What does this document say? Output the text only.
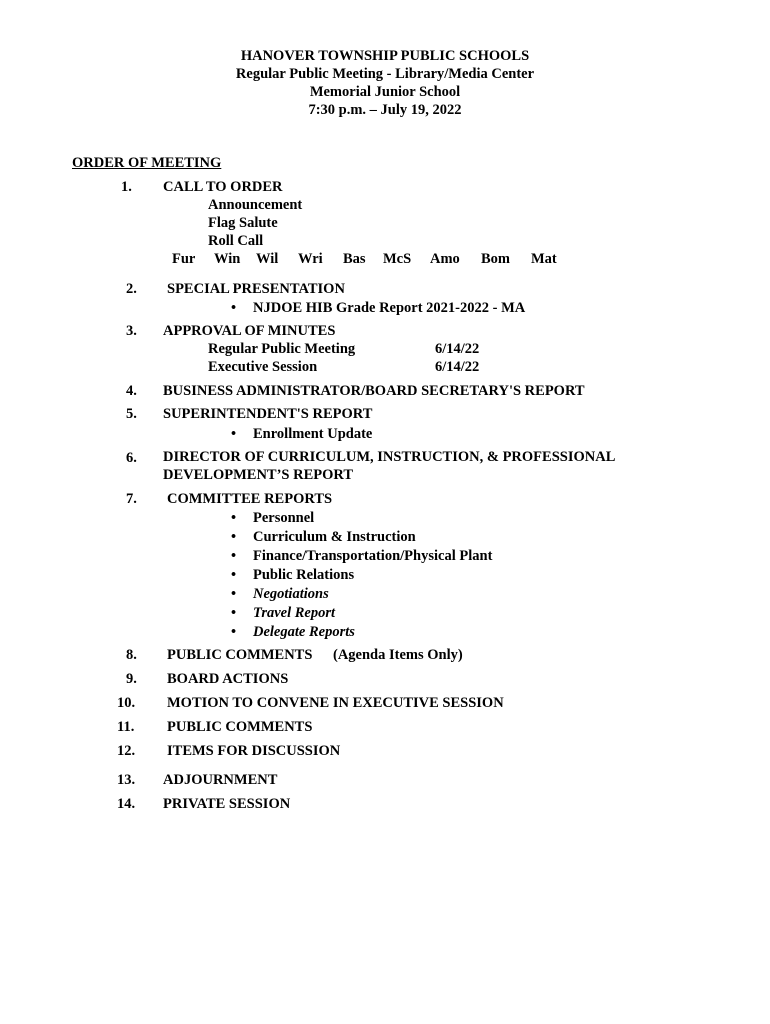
HANOVER TOWNSHIP PUBLIC SCHOOLS
Regular Public Meeting - Library/Media Center
Memorial Junior School
7:30 p.m. – July 19, 2022
ORDER OF MEETING
1. CALL TO ORDER
Announcement
Flag Salute
Roll Call
Fur Win Wil Wri Bas McS Amo Bom Mat
2. SPECIAL PRESENTATION
• NJDOE HIB Grade Report 2021-2022 - MA
3. APPROVAL OF MINUTES
Regular Public Meeting	6/14/22
Executive Session	6/14/22
4. BUSINESS ADMINISTRATOR/BOARD SECRETARY'S REPORT
5. SUPERINTENDENT'S REPORT
• Enrollment Update
6. DIRECTOR OF CURRICULUM, INSTRUCTION, & PROFESSIONAL
DEVELOPMENT’S REPORT
7. COMMITTEE REPORTS
• Personnel
• Curriculum & Instruction
• Finance/Transportation/Physical Plant
• Public Relations
• Negotiations
• Travel Report
• Delegate Reports
8. PUBLIC COMMENTS (Agenda Items Only)
9. BOARD ACTIONS
10. MOTION TO CONVENE IN EXECUTIVE SESSION
11. PUBLIC COMMENTS
12. ITEMS FOR DISCUSSION
13. ADJOURNMENT
14. PRIVATE SESSION
